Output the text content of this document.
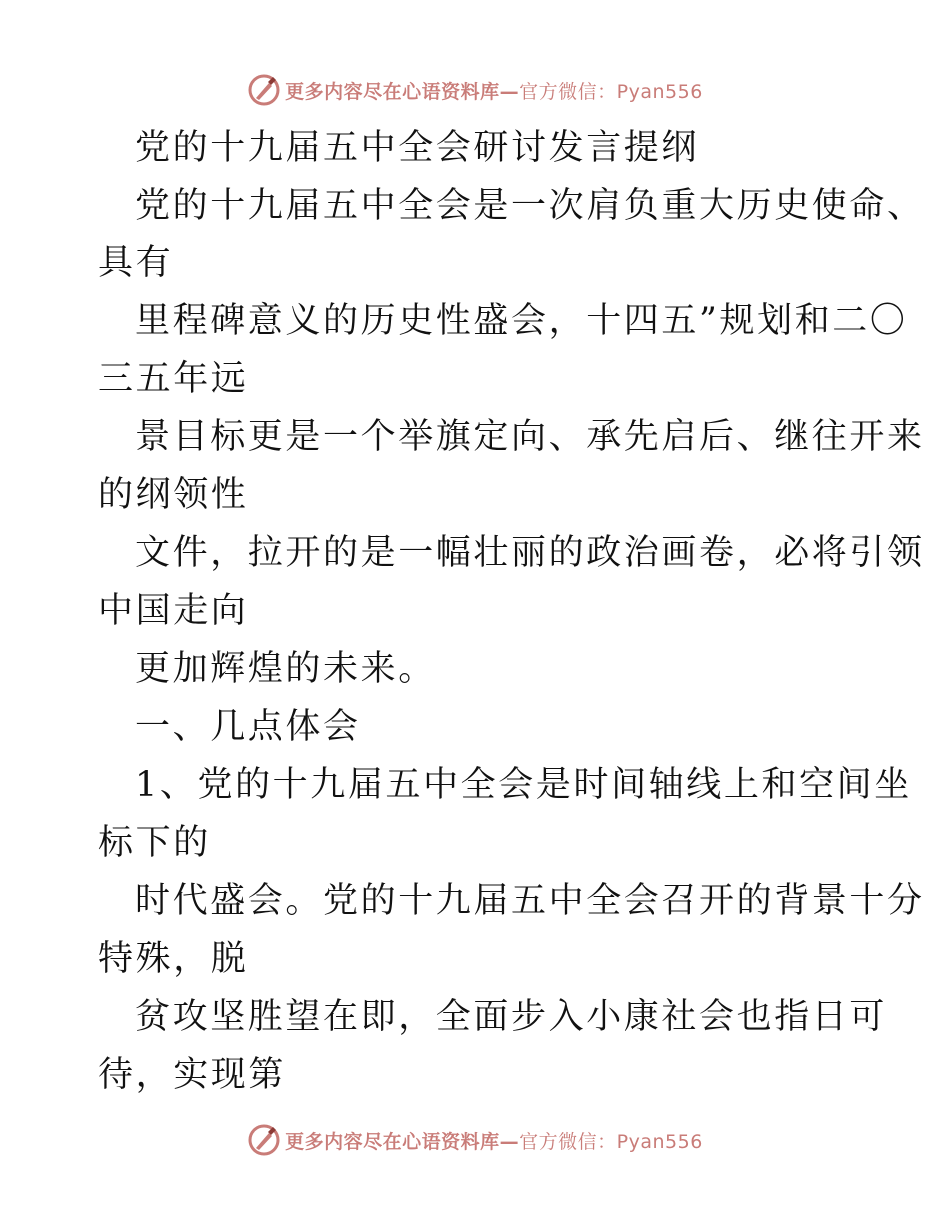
更多内容尽在心语资料库—官方微信：Pyan556
党的十九届五中全会研讨发言提纲
党的十九届五中全会是一次肩负重大历史使命、
具有
里程碑意义的历史性盛会，十四五”规划和二〇
三五年远
景目标更是一个举旗定向、承先启后、继往开来
的纲领性
文件，拉开的是一幅壮丽的政治画卷，必将引领
中国走向
更加辉煌的未来。
一、几点体会
1、党的十九届五中全会是时间轴线上和空间坐
标下的
时代盛会。党的十九届五中全会召开的背景十分
特殊，脱
贫攻坚胜望在即，全面步入小康社会也指日可
待，实现第
更多内容尽在心语资料库—官方微信：Pyan556
